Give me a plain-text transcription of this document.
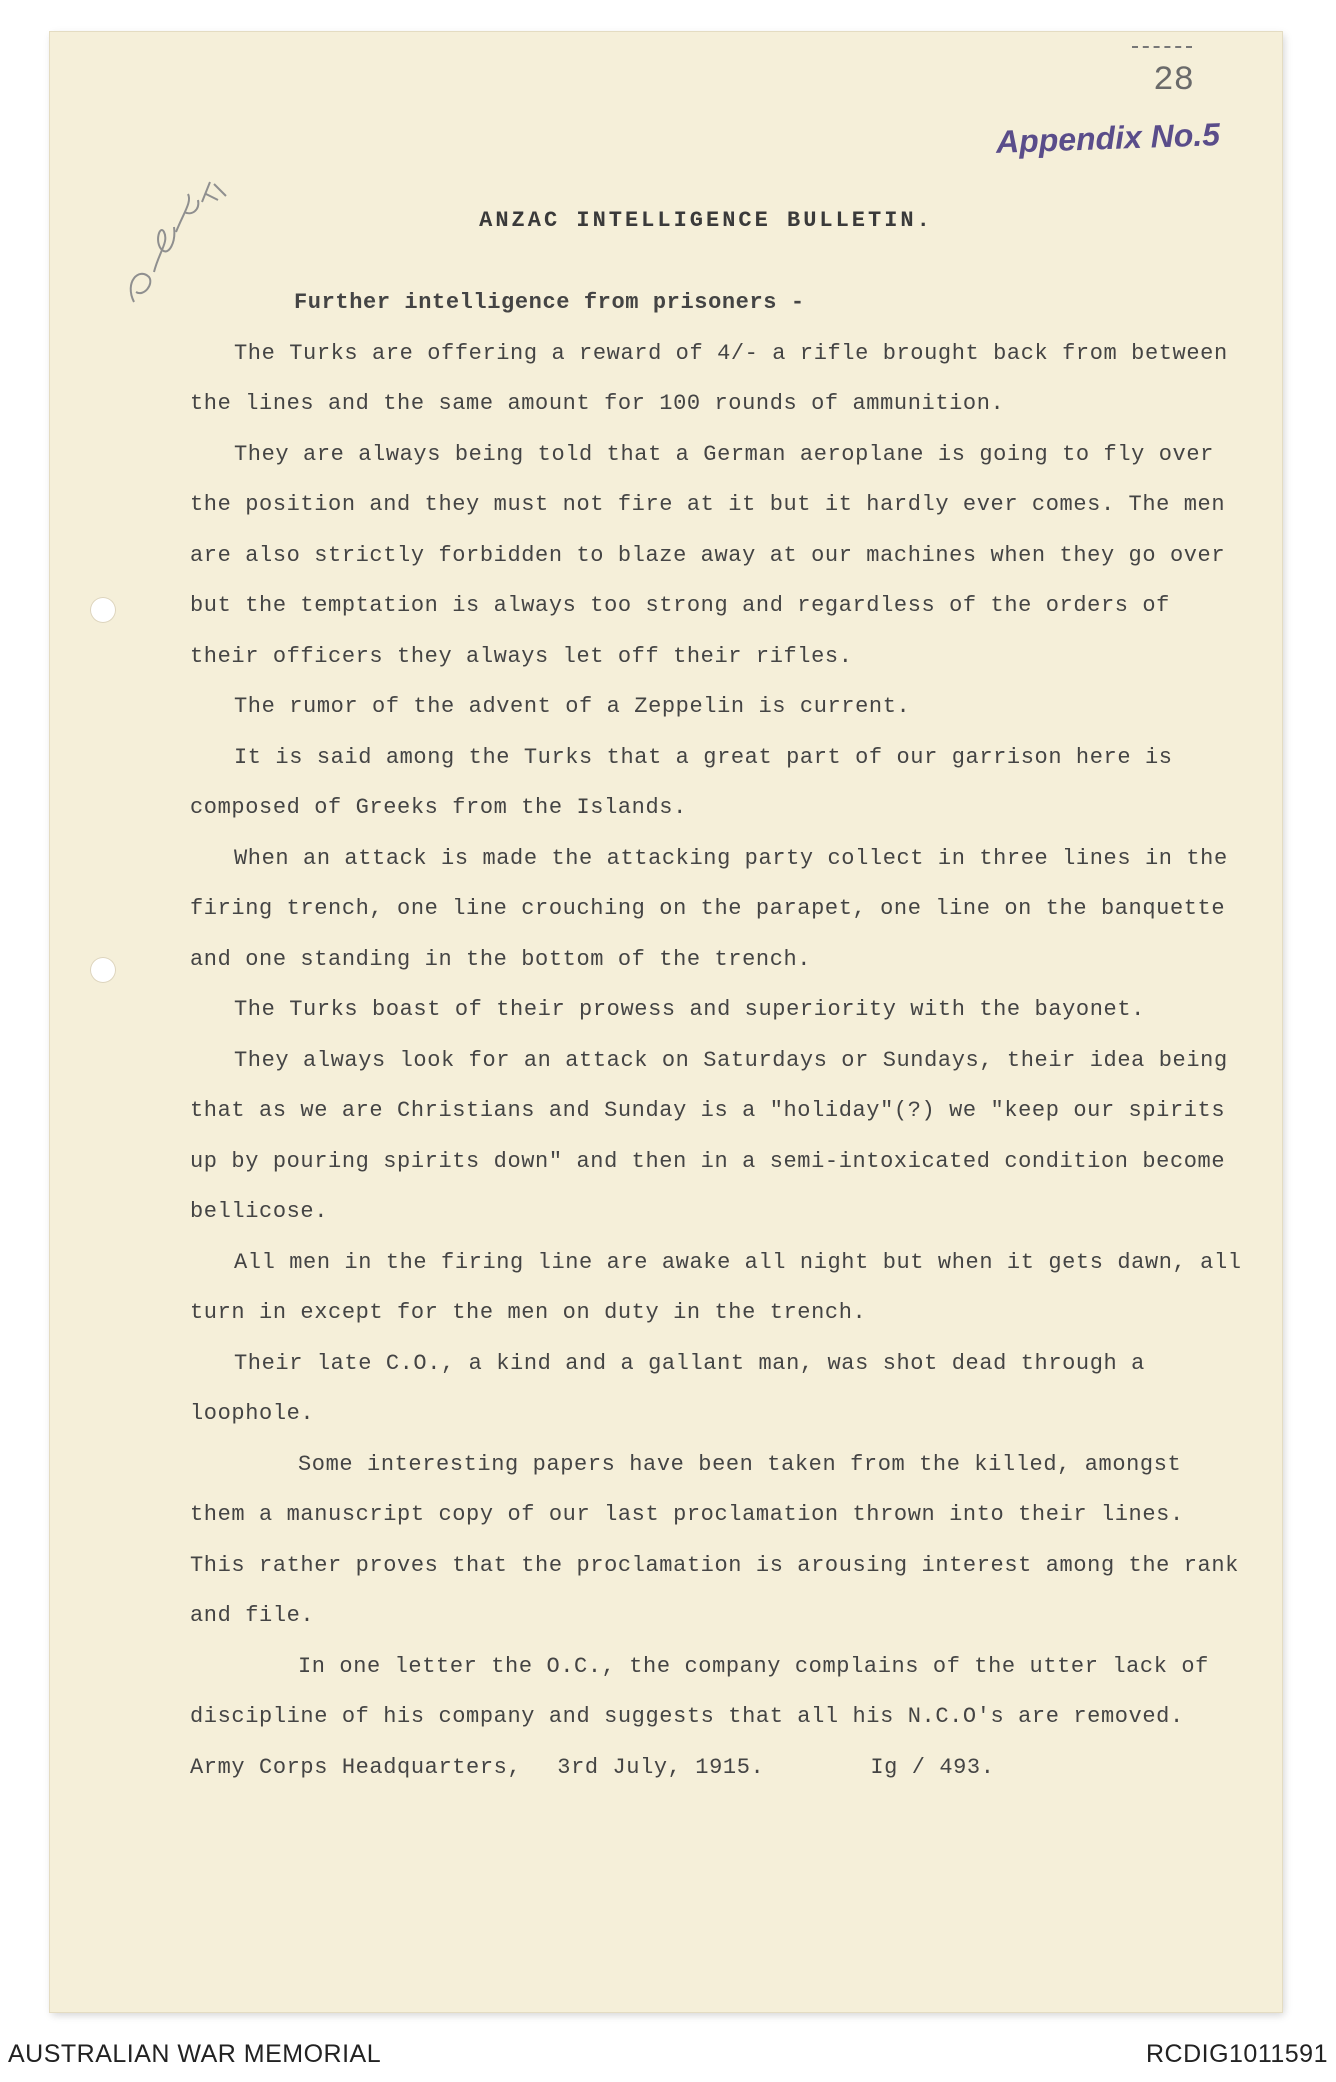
28

Appendix No.5

ANZAC INTELLIGENCE BULLETIN.

Further intelligence from prisoners -

The Turks are offering a reward of 4/- a rifle brought back from between the lines and the same amount for 100 rounds of ammunition.

They are always being told that a German aeroplane is going to fly over the position and they must not fire at it but it hardly ever comes. The men are also strictly forbidden to blaze away at our machines when they go over but the temptation is always too strong and regardless of the orders of their officers they always let off their rifles.

The rumor of the advent of a Zeppelin is current.

It is said among the Turks that a great part of our garrison here is composed of Greeks from the Islands.

When an attack is made the attacking party collect in three lines in the firing trench, one line crouching on the parapet, one line on the banquette and one standing in the bottom of the trench.

The Turks boast of their prowess and superiority with the bayonet.

They always look for an attack on Saturdays or Sundays, their idea being that as we are Christians and Sunday is a "holiday"(?) we "keep our spirits up by pouring spirits down" and then in a semi-intoxicated condition become bellicose.

All men in the firing line are awake all night but when it gets dawn, all turn in except for the men on duty in the trench.

Their late C.O., a kind and a gallant man, was shot dead through a loophole.

Some interesting papers have been taken from the killed, amongst them a manuscript copy of our last proclamation thrown into their lines. This rather proves that the proclamation is arousing interest among the rank and file.

In one letter the O.C., the company complains of the utter lack of discipline of his company and suggests that all his N.C.O's are removed.

Army Corps Headquarters, 3rd July, 1915.	Ig / 493.

AUSTRALIAN WAR MEMORIAL	RCDIG1011591
